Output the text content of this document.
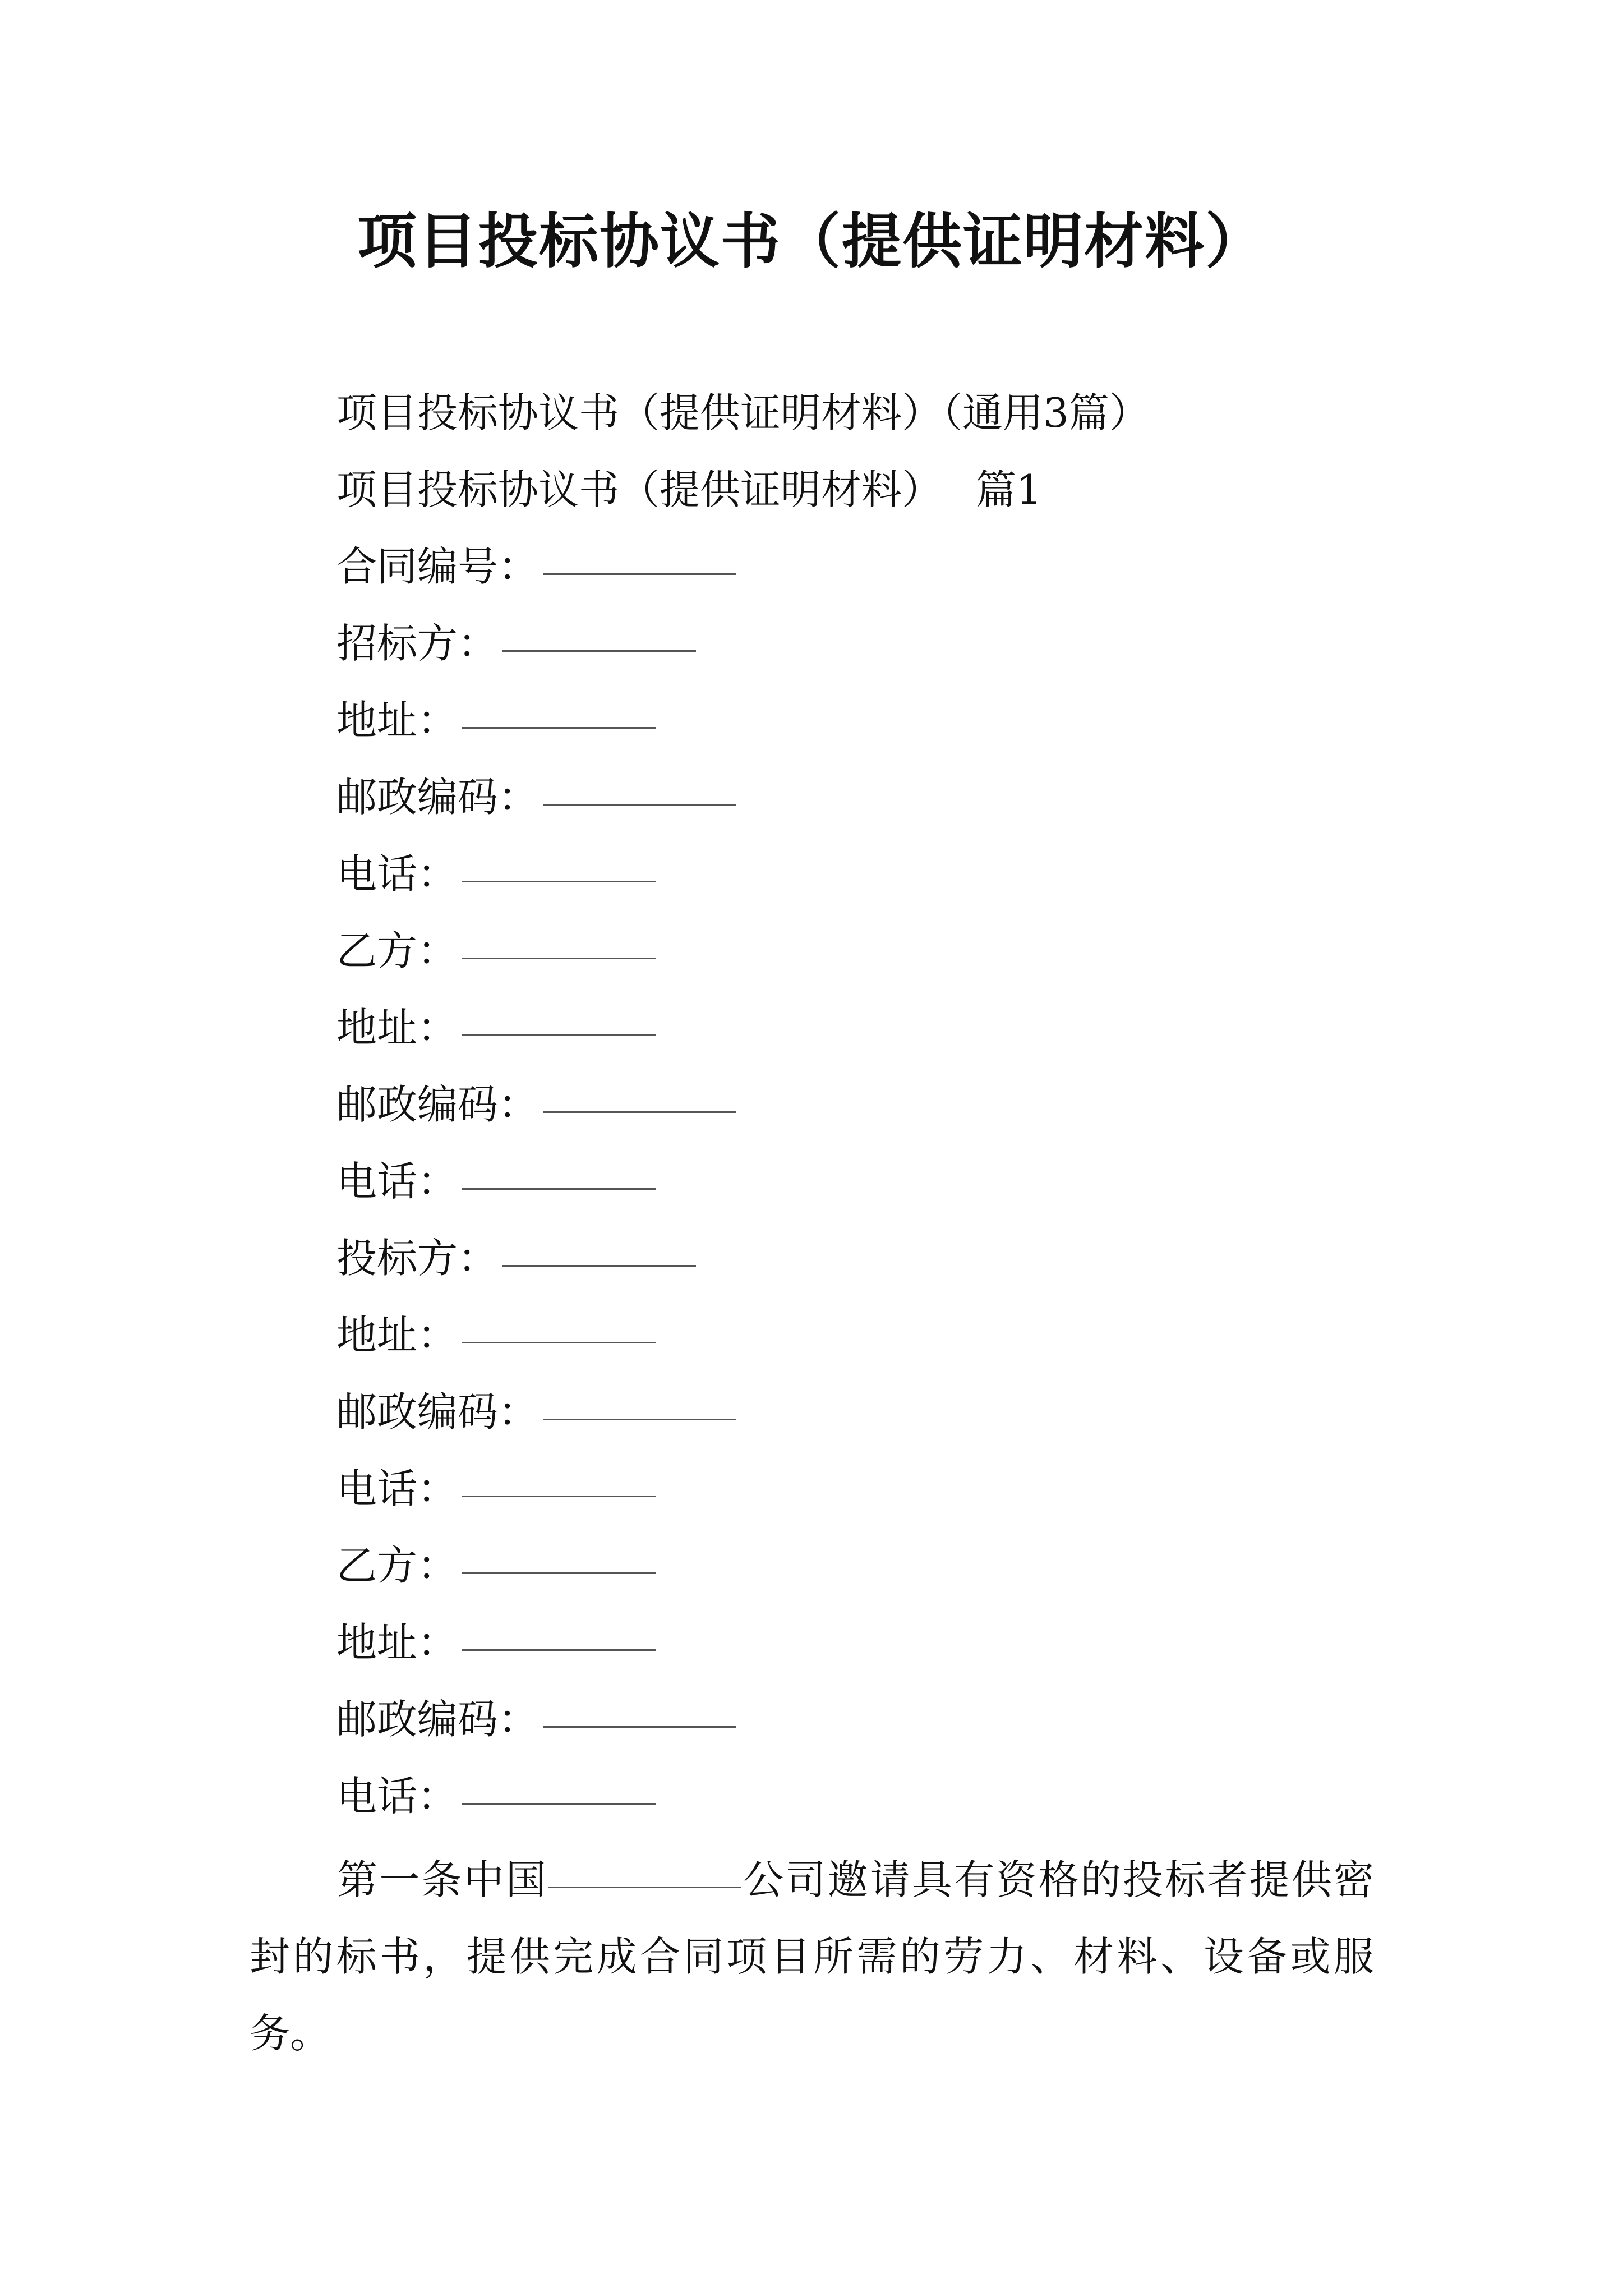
项目投标协议书（提供证明材料）
项目投标协议书（提供证明材料）（通用3篇）
项目投标协议书（提供证明材料） 篇1
合同编号：
招标方：
地址：
邮政编码：
电话：
乙方：
地址：
邮政编码：
电话：
投标方：
地址：
邮政编码：
电话：
乙方：
地址：
邮政编码：
电话：
第一条中国	公司邀请具有资格的投标者提供密封的标书，提供完成合同项目所需的劳力、材料、设备或服务。
